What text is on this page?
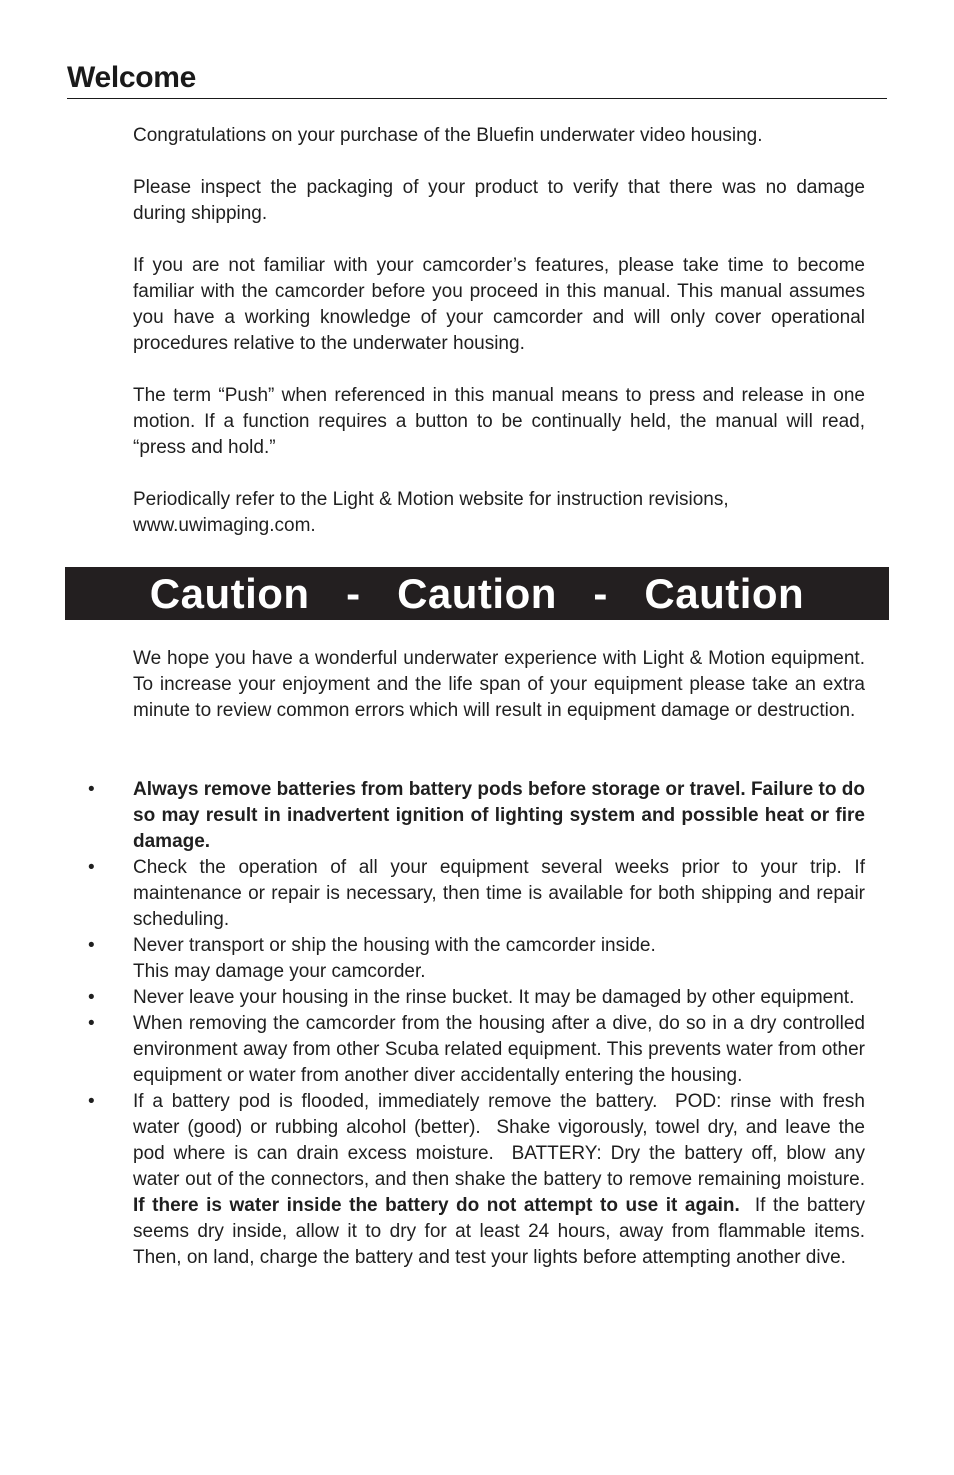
Welcome

Congratulations on your purchase of the Bluefin underwater video housing.

Please inspect the packaging of your product to verify that there was no damage during shipping.

If you are not familiar with your camcorder’s features, please take time to become familiar with the camcorder before you proceed in this manual. This manual assumes you have a working knowledge of your camcorder and will only cover operational procedures relative to the underwater housing.

The term “Push” when referenced in this manual means to press and release in one motion. If a function requires a button to be continually held, the manual will read, “press and hold.”

Periodically refer to the Light & Motion website for instruction revisions, www.uwimaging.com.

Caution   -   Caution   -   Caution

We hope you have a wonderful underwater experience with Light & Motion equipment. To increase your enjoyment and the life span of your equipment please take an extra minute to review common errors which will result in equipment damage or destruction.

• Always remove batteries from battery pods before storage or travel. Failure to do so may result in inadvertent ignition of lighting system and possible heat or fire damage.
• Check the operation of all your equipment several weeks prior to your trip. If maintenance or repair is necessary, then time is available for both shipping and repair scheduling.
• Never transport or ship the housing with the camcorder inside.
This may damage your camcorder.
• Never leave your housing in the rinse bucket. It may be damaged by other equipment.
• When removing the camcorder from the housing after a dive, do so in a dry controlled environment away from other Scuba related equipment. This prevents water from other equipment or water from another diver accidentally entering the housing.
• If a battery pod is flooded, immediately remove the battery.  POD: rinse with fresh water (good) or rubbing alcohol (better).  Shake vigorously, towel dry, and leave the pod where is can drain excess moisture.  BATTERY: Dry the battery off, blow any water out of the connectors, and then shake the battery to remove remaining moisture.  If there is water inside the battery do not attempt to use it again.  If the battery seems dry inside, allow it to dry for at least 24 hours, away from flammable items.  Then, on land, charge the battery and test your lights before attempting another dive.
